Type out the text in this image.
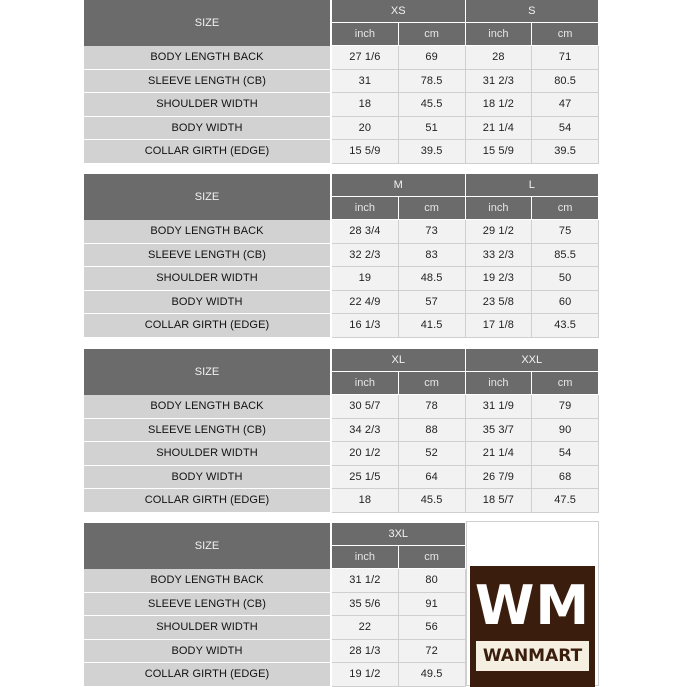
SIZE
XS
inch	cm
S
inch	cm
BODY LENGTH BACK	27 1/6	69	28	71
SLEEVE LENGTH (CB)	31	78.5	31 2/3	80.5
SHOULDER WIDTH	18	45.5	18 1/2	47
BODY WIDTH	20	51	21 1/4	54
COLLAR GIRTH (EDGE)	15 5/9	39.5	15 5/9	39.5
SIZE
M
inch	cm
L
inch	cm
BODY LENGTH BACK	28 3/4	73	29 1/2	75
SLEEVE LENGTH (CB)	32 2/3	83	33 2/3	85.5
SHOULDER WIDTH	19	48.5	19 2/3	50
BODY WIDTH	22 4/9	57	23 5/8	60
COLLAR GIRTH (EDGE)	16 1/3	41.5	17 1/8	43.5
SIZE
XL
inch	cm
XXL
inch	cm
BODY LENGTH BACK	30 5/7	78	31 1/9	79
SLEEVE LENGTH (CB)	34 2/3	88	35 3/7	90
SHOULDER WIDTH	20 1/2	52	21 1/4	54
BODY WIDTH	25 1/5	64	26 7/9	68
COLLAR GIRTH (EDGE)	18	45.5	18 5/7	47.5
SIZE
3XL
inch	cm
BODY LENGTH BACK	31 1/2	80
SLEEVE LENGTH (CB)	35 5/6	91
SHOULDER WIDTH	22	56
BODY WIDTH	28 1/3	72
COLLAR GIRTH (EDGE)	19 1/2	49.5
WM
WANMART
